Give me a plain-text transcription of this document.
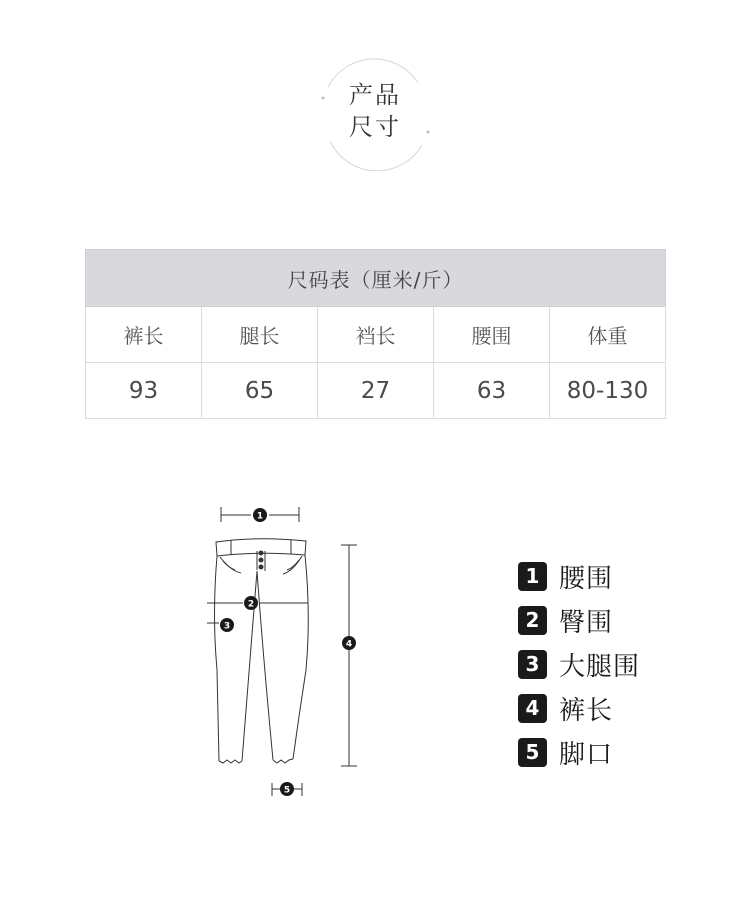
产品
尺寸
尺码表（厘米/斤）				
裤长	腿长	裆长	腰围	体重
93	65	27	63	80-130
1
2
3
4
5
1 腰围
2 臀围
3 大腿围
4 裤长
5 脚口
